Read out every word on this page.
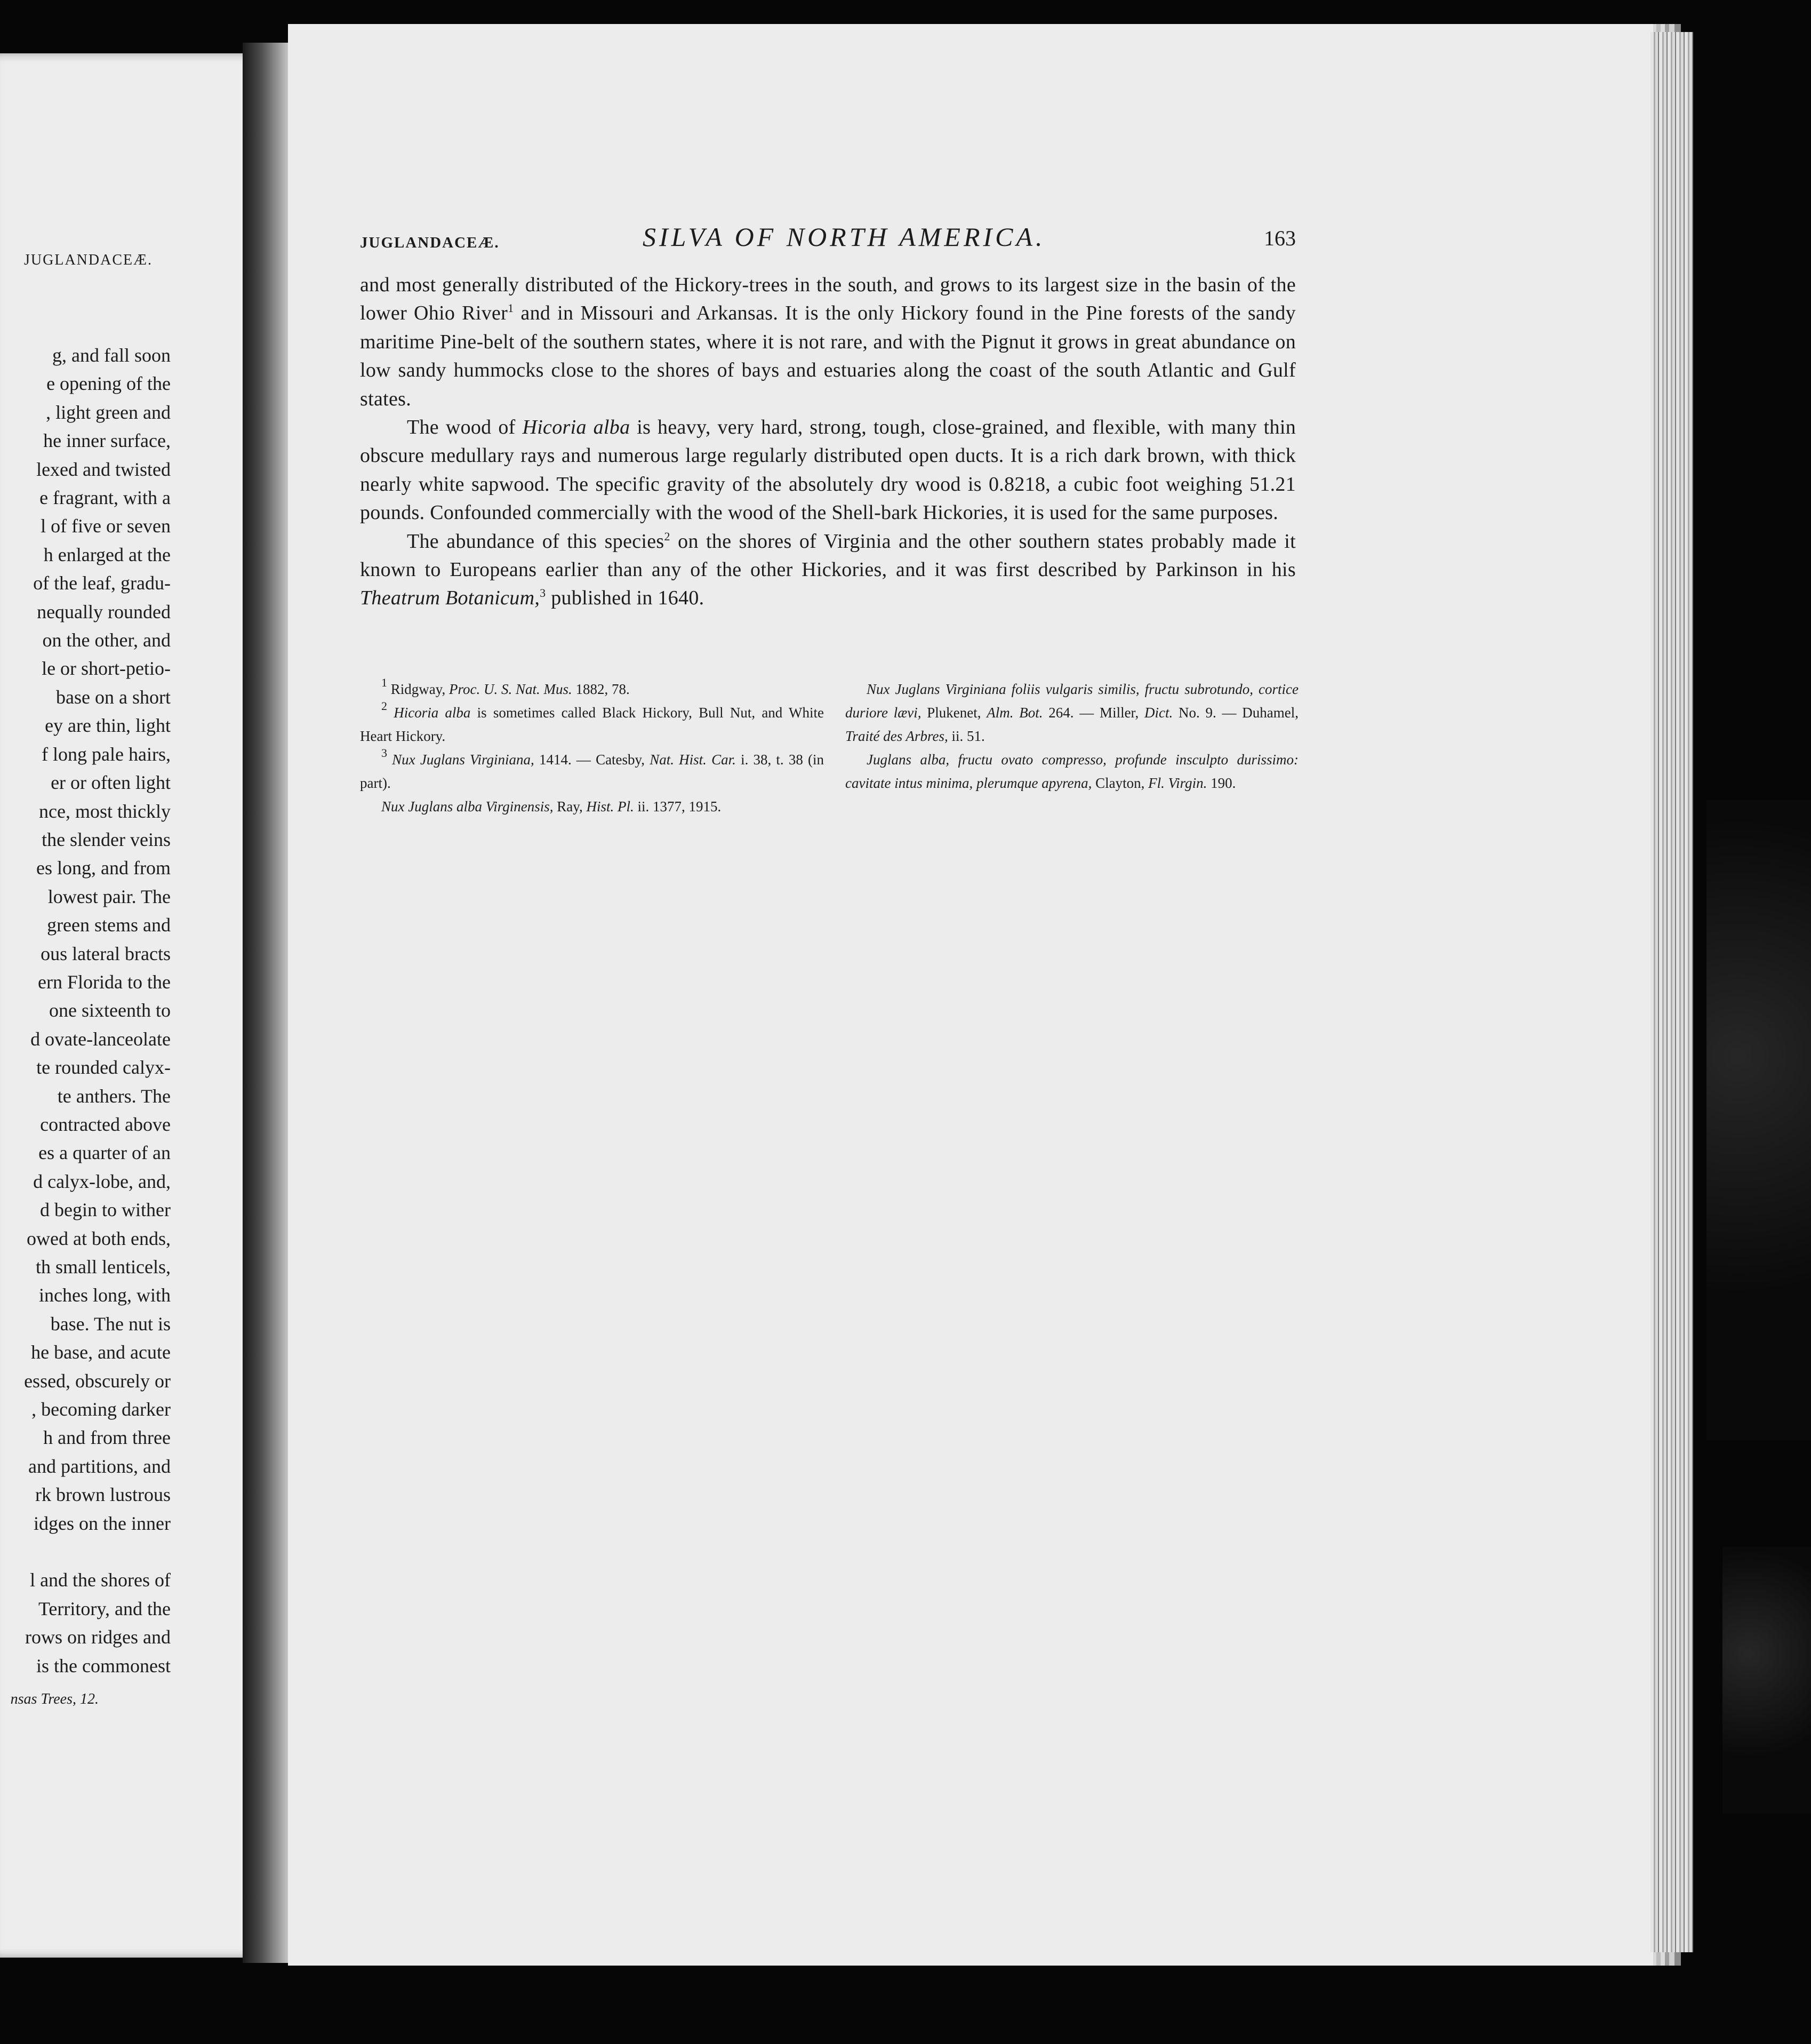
JUGLANDACEÆ.
g, and fall soon
e opening of the
, light green and
he inner surface,
lexed and twisted
e fragrant, with a
l of five or seven
h enlarged at the
of the leaf, gradu-
nequally rounded
on the other, and
le or short-petio-
base on a short
ey are thin, light
f long pale hairs,
er or often light
nce, most thickly
the slender veins
es long, and from
lowest pair. The
green stems and
ous lateral bracts
ern Florida to the
one sixteenth to
d ovate-lanceolate
te rounded calyx-
te anthers. The
contracted above
es a quarter of an
d calyx-lobe, and,
d begin to wither
owed at both ends,
th small lenticels,
inches long, with
base. The nut is
he base, and acute
essed, obscurely or
, becoming darker
h and from three
and partitions, and
rk brown lustrous
idges on the inner

l and the shores of
Territory, and the
rows on ridges and
is the commonest
nsas Trees, 12.
JUGLANDACEÆ.	SILVA OF NORTH AMERICA.	163

and most generally distributed of the Hickory-trees in the south, and grows to its largest size in the basin of the lower Ohio River$^1$ and in Missouri and Arkansas. It is the only Hickory found in the Pine forests of the sandy maritime Pine-belt of the southern states, where it is not rare, and with the Pignut it grows in great abundance on low sandy hummocks close to the shores of bays and estuaries along the coast of the south Atlantic and Gulf states.

The wood of Hicoria alba is heavy, very hard, strong, tough, close-grained, and flexible, with many thin obscure medullary rays and numerous large regularly distributed open ducts. It is a rich dark brown, with thick nearly white sapwood. The specific gravity of the absolutely dry wood is 0.8218, a cubic foot weighing 51.21 pounds. Confounded commercially with the wood of the Shell-bark Hickories, it is used for the same purposes.

The abundance of this species$^2$ on the shores of Virginia and the other southern states probably made it known to Europeans earlier than any of the other Hickories, and it was first described by Parkinson in his Theatrum Botanicum,$^3$ published in 1640.

$^1$ Ridgway, Proc. U. S. Nat. Mus. 1882, 78.

$^2$ Hicoria alba is sometimes called Black Hickory, Bull Nut, and White Heart Hickory.

$^3$ Nux Juglans Virginiana, 1414. — Catesby, Nat. Hist. Car. i. 38, t. 38 (in part).

Nux Juglans alba Virginensis, Ray, Hist. Pl. ii. 1377, 1915.

Nux Juglans Virginiana foliis vulgaris similis, fructu subrotundo, cortice duriore lævi, Plukenet, Alm. Bot. 264. — Miller, Dict. No. 9. — Duhamel, Traité des Arbres, ii. 51.

Juglans alba, fructu ovato compresso, profunde insculpto durissimo: cavitate intus minima, plerumque apyrena, Clayton, Fl. Virgin. 190.
